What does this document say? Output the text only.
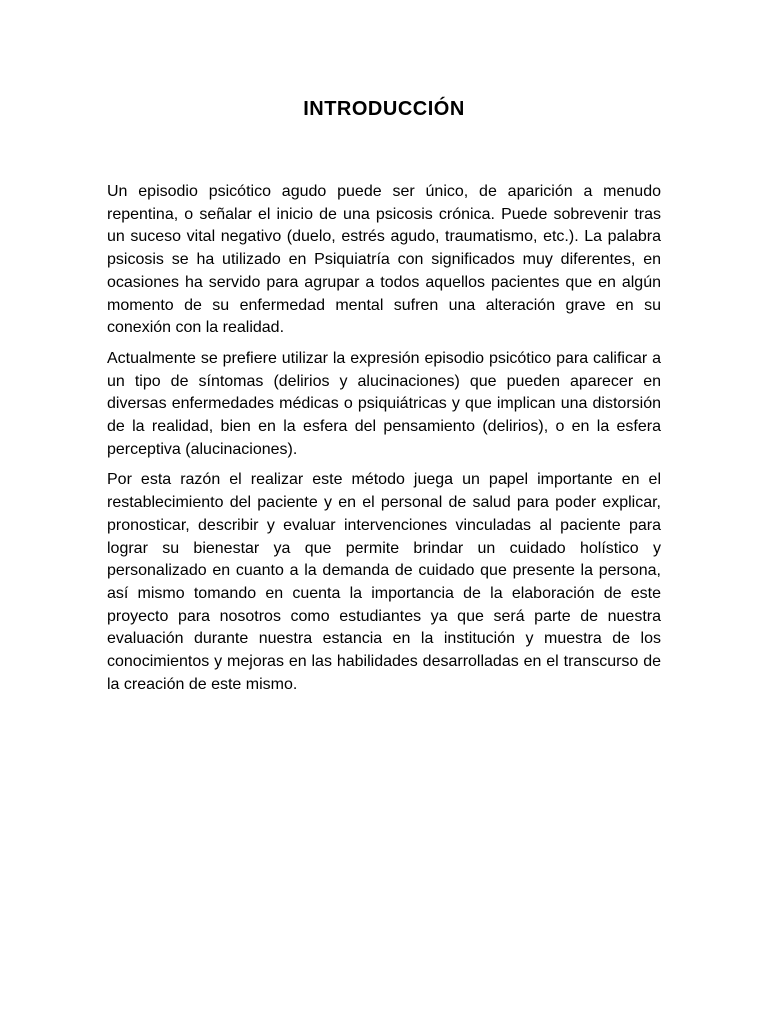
INTRODUCCIÓN

Un episodio psicótico agudo puede ser único, de aparición a menudo repentina, o señalar el inicio de una psicosis crónica. Puede sobrevenir tras un suceso vital negativo (duelo, estrés agudo, traumatismo, etc.). La palabra psicosis se ha utilizado en Psiquiatría con significados muy diferentes, en ocasiones ha servido para agrupar a todos aquellos pacientes que en algún momento de su enfermedad mental sufren una alteración grave en su conexión con la realidad.

Actualmente se prefiere utilizar la expresión episodio psicótico para calificar a un tipo de síntomas (delirios y alucinaciones) que pueden aparecer en diversas enfermedades médicas o psiquiátricas y que implican una distorsión de la realidad, bien en la esfera del pensamiento (delirios), o en la esfera perceptiva (alucinaciones).

Por esta razón el realizar este método juega un papel importante en el restablecimiento del paciente y en el personal de salud para poder explicar, pronosticar, describir y evaluar intervenciones vinculadas al paciente para lograr su bienestar ya que permite brindar un cuidado holístico y personalizado en cuanto a la demanda de cuidado que presente la persona, así mismo tomando en cuenta la importancia de la elaboración de este proyecto para nosotros como estudiantes ya que será parte de nuestra evaluación durante nuestra estancia en la institución y muestra de los conocimientos y mejoras en las habilidades desarrolladas en el transcurso de la creación de este mismo.
